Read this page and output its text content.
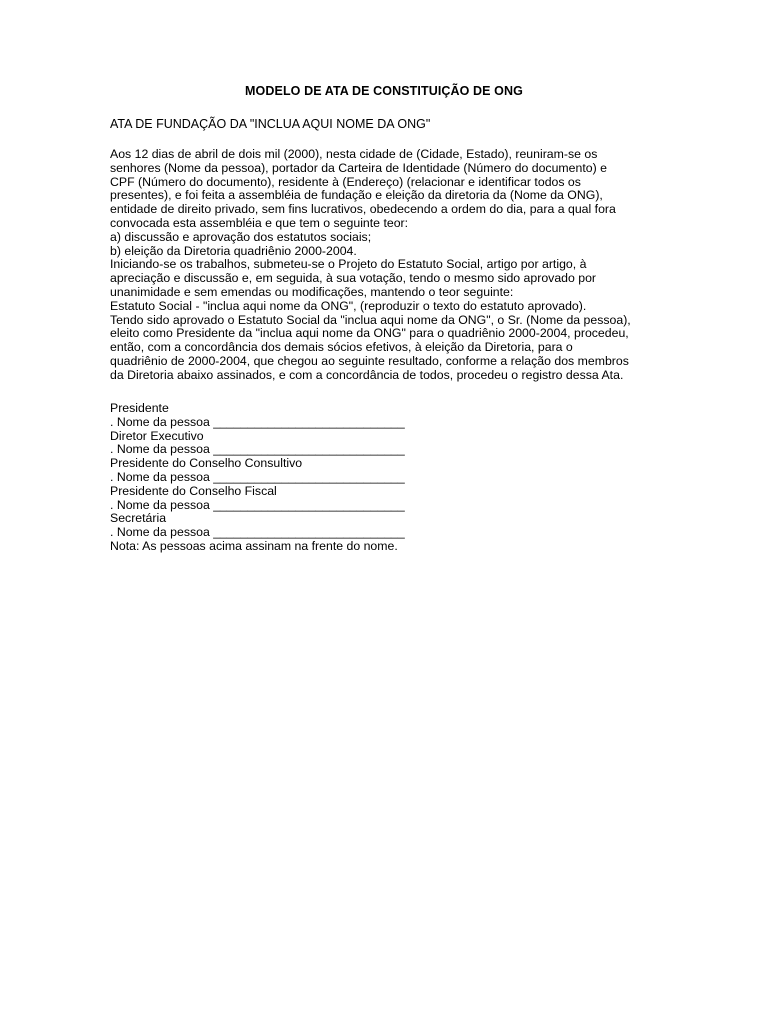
MODELO DE ATA DE CONSTITUIÇÃO DE ONG
ATA DE FUNDAÇÃO DA "INCLUA AQUI NOME DA ONG"
Aos 12 dias de abril de dois mil (2000), nesta cidade de (Cidade, Estado), reuniram-se os
senhores (Nome da pessoa), portador da Carteira de Identidade (Número do documento) e
CPF (Número do documento), residente à (Endereço) (relacionar e identificar todos os
presentes), e foi feita a assembléia de fundação e eleição da diretoria da (Nome da ONG),
entidade de direito privado, sem fins lucrativos, obedecendo a ordem do dia, para a qual fora
convocada esta assembléia e que tem o seguinte teor:
a) discussão e aprovação dos estatutos sociais;
b) eleição da Diretoria quadriênio 2000-2004.
Iniciando-se os trabalhos, submeteu-se o Projeto do Estatuto Social, artigo por artigo, à
apreciação e discussão e, em seguida, à sua votação, tendo o mesmo sido aprovado por
unanimidade e sem emendas ou modificações, mantendo o teor seguinte:
Estatuto Social - "inclua aqui nome da ONG", (reproduzir o texto do estatuto aprovado).
Tendo sido aprovado o Estatuto Social da "inclua aqui nome da ONG", o Sr. (Nome da pessoa),
eleito como Presidente da "inclua aqui nome da ONG" para o quadriênio 2000-2004, procedeu,
então, com a concordância dos demais sócios efetivos, à eleição da Diretoria, para o
quadriênio de 2000-2004, que chegou ao seguinte resultado, conforme a relação dos membros
da Diretoria abaixo assinados, e com a concordância de todos, procedeu o registro dessa Ata.
Presidente
. Nome da pessoa ____________________________
Diretor Executivo
. Nome da pessoa ____________________________
Presidente do Conselho Consultivo
. Nome da pessoa ____________________________
Presidente do Conselho Fiscal
. Nome da pessoa ____________________________
Secretária
. Nome da pessoa ____________________________
Nota: As pessoas acima assinam na frente do nome.
